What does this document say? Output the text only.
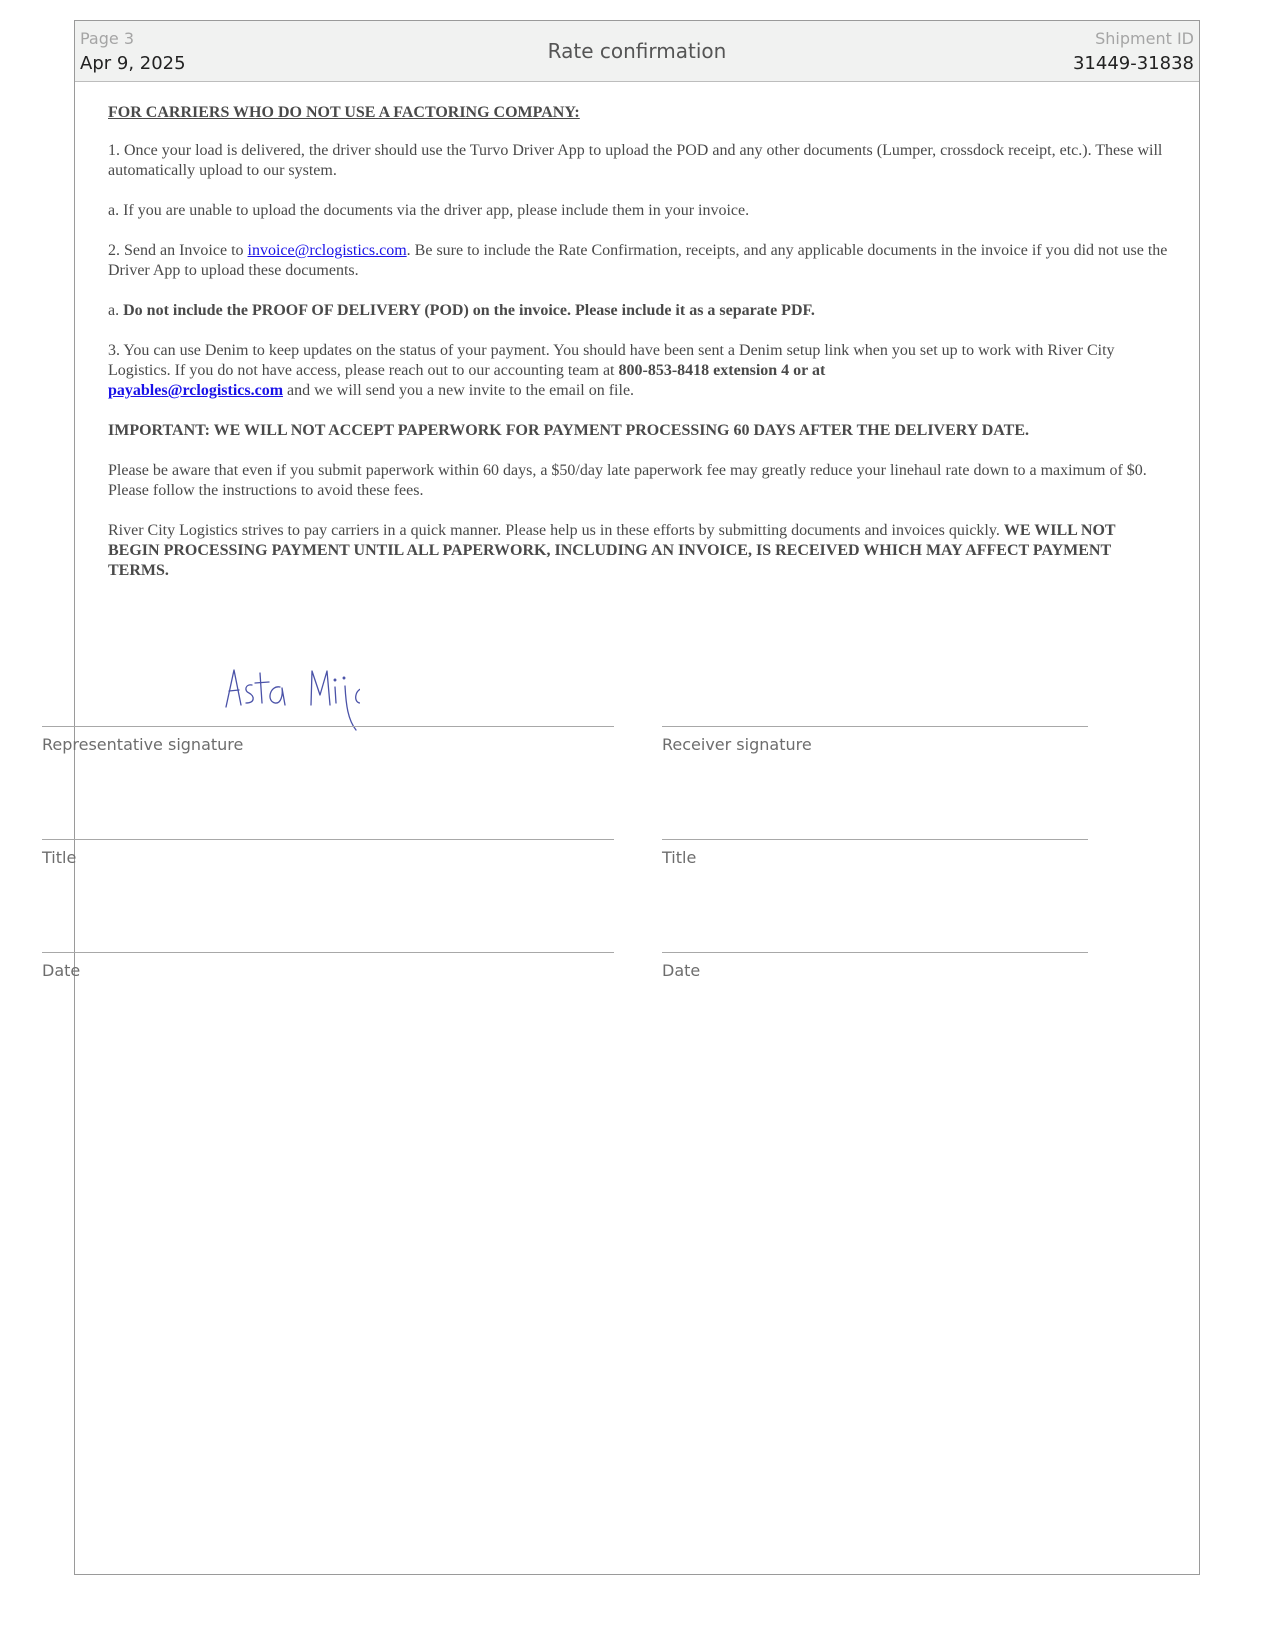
Page 3
Apr 9, 2025
Rate confirmation
Shipment ID
31449-31838

FOR CARRIERS WHO DO NOT USE A FACTORING COMPANY:

1. Once your load is delivered, the driver should use the Turvo Driver App to upload the POD and any other documents (Lumper, crossdock receipt, etc.). These will automatically upload to our system.

a. If you are unable to upload the documents via the driver app, please include them in your invoice.

2. Send an Invoice to invoice@rclogistics.com. Be sure to include the Rate Confirmation, receipts, and any applicable documents in the invoice if you did not use the Driver App to upload these documents.

a. Do not include the PROOF OF DELIVERY (POD) on the invoice. Please include it as a separate PDF.

3. You can use Denim to keep updates on the status of your payment. You should have been sent a Denim setup link when you set up to work with River City Logistics. If you do not have access, please reach out to our accounting team at 800-853-8418 extension 4 or at
payables@rclogistics.com and we will send you a new invite to the email on file.

IMPORTANT: WE WILL NOT ACCEPT PAPERWORK FOR PAYMENT PROCESSING 60 DAYS AFTER THE DELIVERY DATE.

Please be aware that even if you submit paperwork within 60 days, a $50/day late paperwork fee may greatly reduce your linehaul rate down to a maximum of $0. Please follow the instructions to avoid these fees.

River City Logistics strives to pay carriers in a quick manner. Please help us in these efforts by submitting documents and invoices quickly. WE WILL NOT BEGIN PROCESSING PAYMENT UNTIL ALL PAPERWORK, INCLUDING AN INVOICE, IS RECEIVED WHICH MAY AFFECT PAYMENT TERMS.

Representative signature	Receiver signature
Title	Title
Date	Date
